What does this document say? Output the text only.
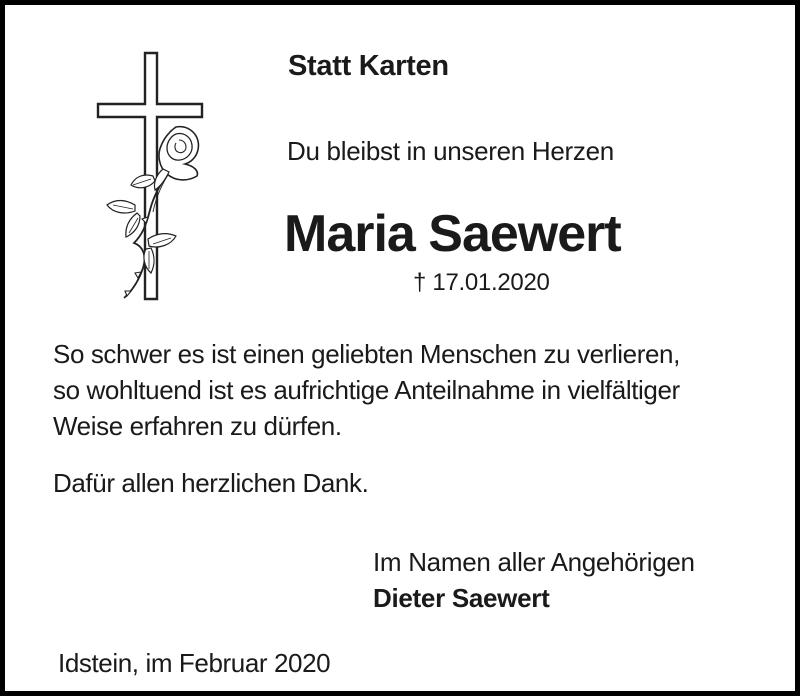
Statt Karten
Du bleibst in unseren Herzen
Maria Saewert
† 17.01.2020
So schwer es ist einen geliebten Menschen zu verlieren,
so wohltuend ist es aufrichtige Anteilnahme in vielfältiger
Weise erfahren zu dürfen.
Dafür allen herzlichen Dank.
Im Namen aller Angehörigen
Dieter Saewert
Idstein, im Februar 2020
